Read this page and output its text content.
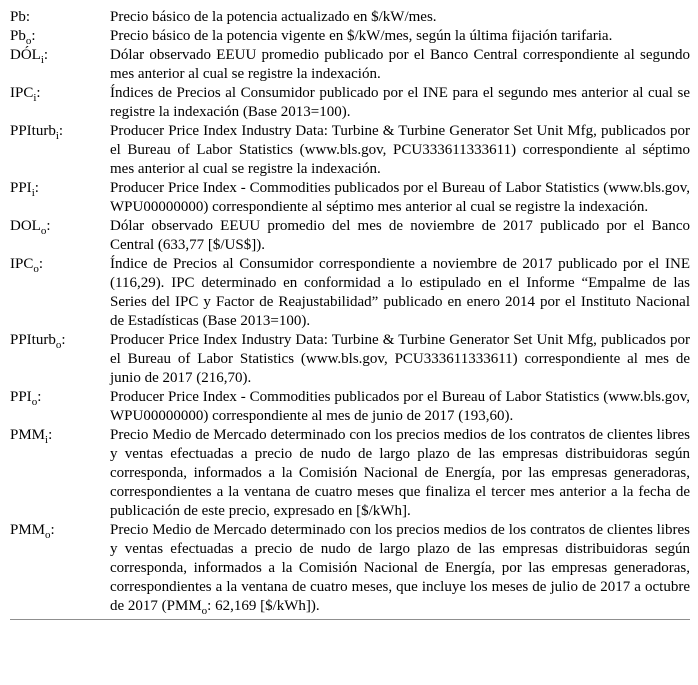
Pb:	Precio básico de la potencia actualizado en $/kW/mes.
$Pb_o$:	Precio básico de la potencia vigente en $/kW/mes, según la última fijación tarifaria.
$DÓL_i$:	Dólar observado EEUU promedio publicado por el Banco Central correspondiente al segundo mes anterior al cual se registre la indexación.
$IPC_i$:	Índices de Precios al Consumidor publicado por el INE para el segundo mes anterior al cual se registre la indexación (Base 2013=100).
PPIturb$_i$:	Producer Price Index Industry Data: Turbine & Turbine Generator Set Unit Mfg, publicados por el Bureau of Labor Statistics (www.bls.gov, PCU333611333611) correspondiente al séptimo mes anterior al cual se registre la indexación.
$PPI_i$:	Producer Price Index - Commodities publicados por el Bureau of Labor Statistics (www.bls.gov, WPU00000000) correspondiente al séptimo mes anterior al cual se registre la indexación.
$DOL_o$:	Dólar observado EEUU promedio del mes de noviembre de 2017 publicado por el Banco Central (633,77 [$/US$]).
$IPC_o$:	Índice de Precios al Consumidor correspondiente a noviembre de 2017 publicado por el INE (116,29). IPC determinado en conformidad a lo estipulado en el Informe “Empalme de las Series del IPC y Factor de Reajustabilidad” publicado en enero 2014 por el Instituto Nacional de Estadísticas (Base 2013=100).
PPIturb$_o$:	Producer Price Index Industry Data: Turbine & Turbine Generator Set Unit Mfg, publicados por el Bureau of Labor Statistics (www.bls.gov, PCU333611333611) correspondiente al mes de junio de 2017 (216,70).
$PPI_o$:	Producer Price Index - Commodities publicados por el Bureau of Labor Statistics (www.bls.gov, WPU00000000) correspondiente al mes de junio de 2017 (193,60).
$PMM_i$:	Precio Medio de Mercado determinado con los precios medios de los contratos de clientes libres y ventas efectuadas a precio de nudo de largo plazo de las empresas distribuidoras según corresponda, informados a la Comisión Nacional de Energía, por las empresas generadoras, correspondientes a la ventana de cuatro meses que finaliza el tercer mes anterior a la fecha de publicación de este precio, expresado en [$/kWh].
$PMM_o$:	Precio Medio de Mercado determinado con los precios medios de los contratos de clientes libres y ventas efectuadas a precio de nudo de largo plazo de las empresas distribuidoras según corresponda, informados a la Comisión Nacional de Energía, por las empresas generadoras, correspondientes a la ventana de cuatro meses, que incluye los meses de julio de 2017 a octubre de 2017 ($PMM_o$: 62,169 [$/kWh]).
